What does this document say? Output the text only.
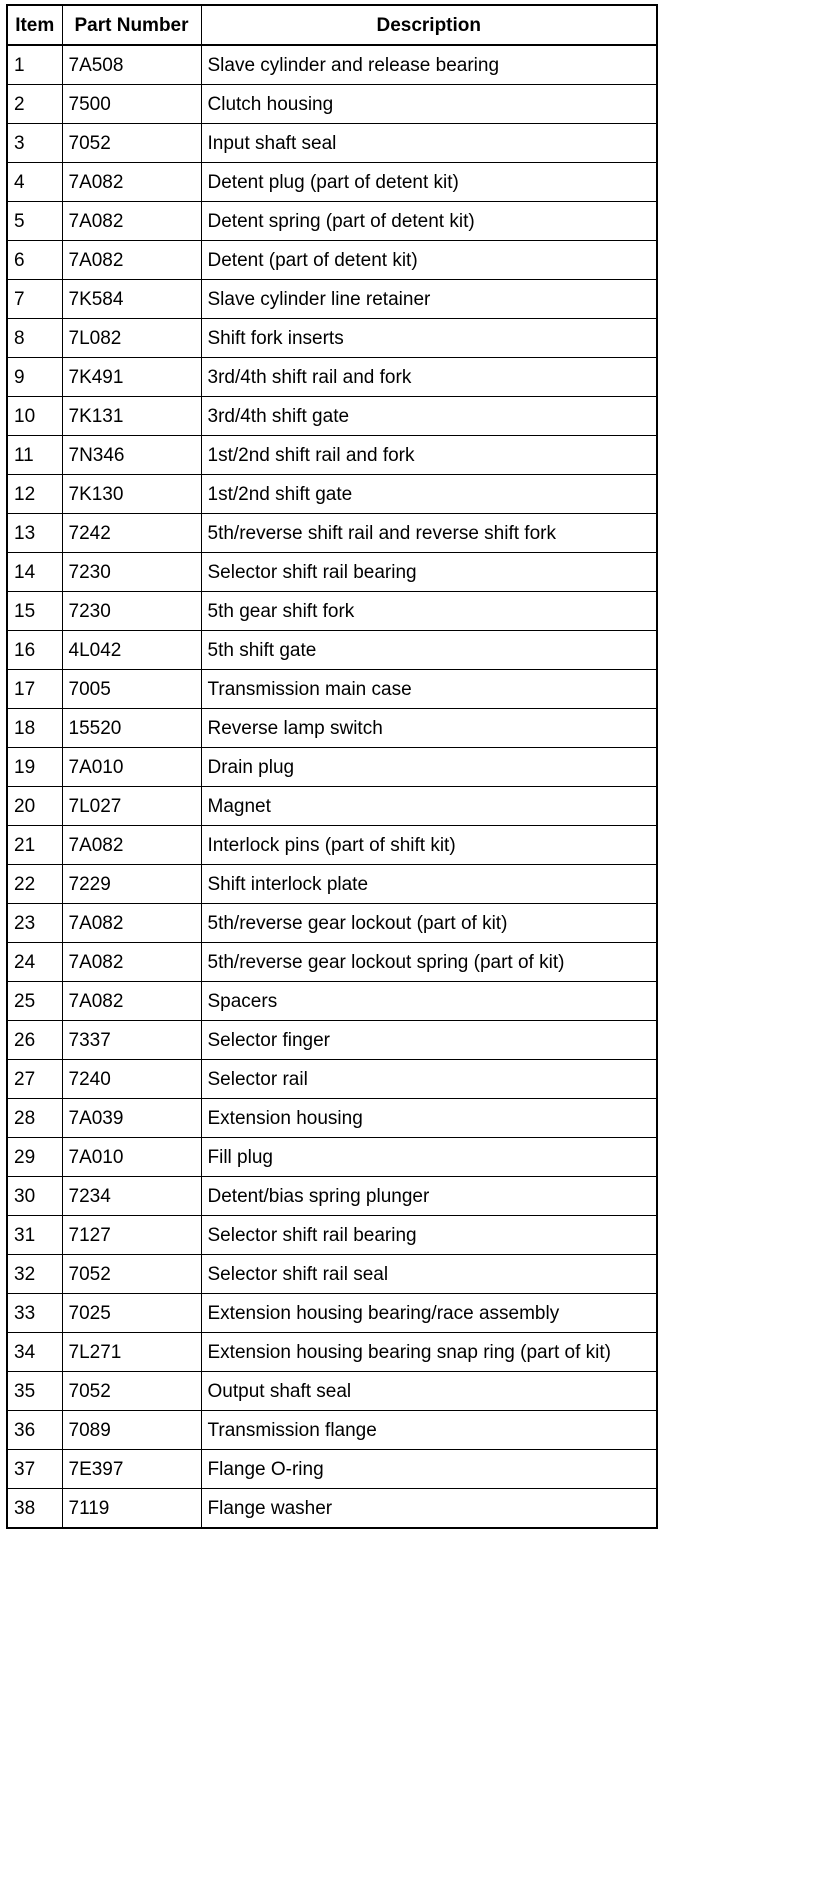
Item	Part Number	Description
1	7A508	Slave cylinder and release bearing
2	7500	Clutch housing
3	7052	Input shaft seal
4	7A082	Detent plug (part of detent kit)
5	7A082	Detent spring (part of detent kit)
6	7A082	Detent (part of detent kit)
7	7K584	Slave cylinder line retainer
8	7L082	Shift fork inserts
9	7K491	3rd/4th shift rail and fork
10	7K131	3rd/4th shift gate
11	7N346	1st/2nd shift rail and fork
12	7K130	1st/2nd shift gate
13	7242	5th/reverse shift rail and reverse shift fork
14	7230	Selector shift rail bearing
15	7230	5th gear shift fork
16	4L042	5th shift gate
17	7005	Transmission main case
18	15520	Reverse lamp switch
19	7A010	Drain plug
20	7L027	Magnet
21	7A082	Interlock pins (part of shift kit)
22	7229	Shift interlock plate
23	7A082	5th/reverse gear lockout (part of kit)
24	7A082	5th/reverse gear lockout spring (part of kit)
25	7A082	Spacers
26	7337	Selector finger
27	7240	Selector rail
28	7A039	Extension housing
29	7A010	Fill plug
30	7234	Detent/bias spring plunger
31	7127	Selector shift rail bearing
32	7052	Selector shift rail seal
33	7025	Extension housing bearing/race assembly
34	7L271	Extension housing bearing snap ring (part of kit)
35	7052	Output shaft seal
36	7089	Transmission flange
37	7E397	Flange O-ring
38	7119	Flange washer
